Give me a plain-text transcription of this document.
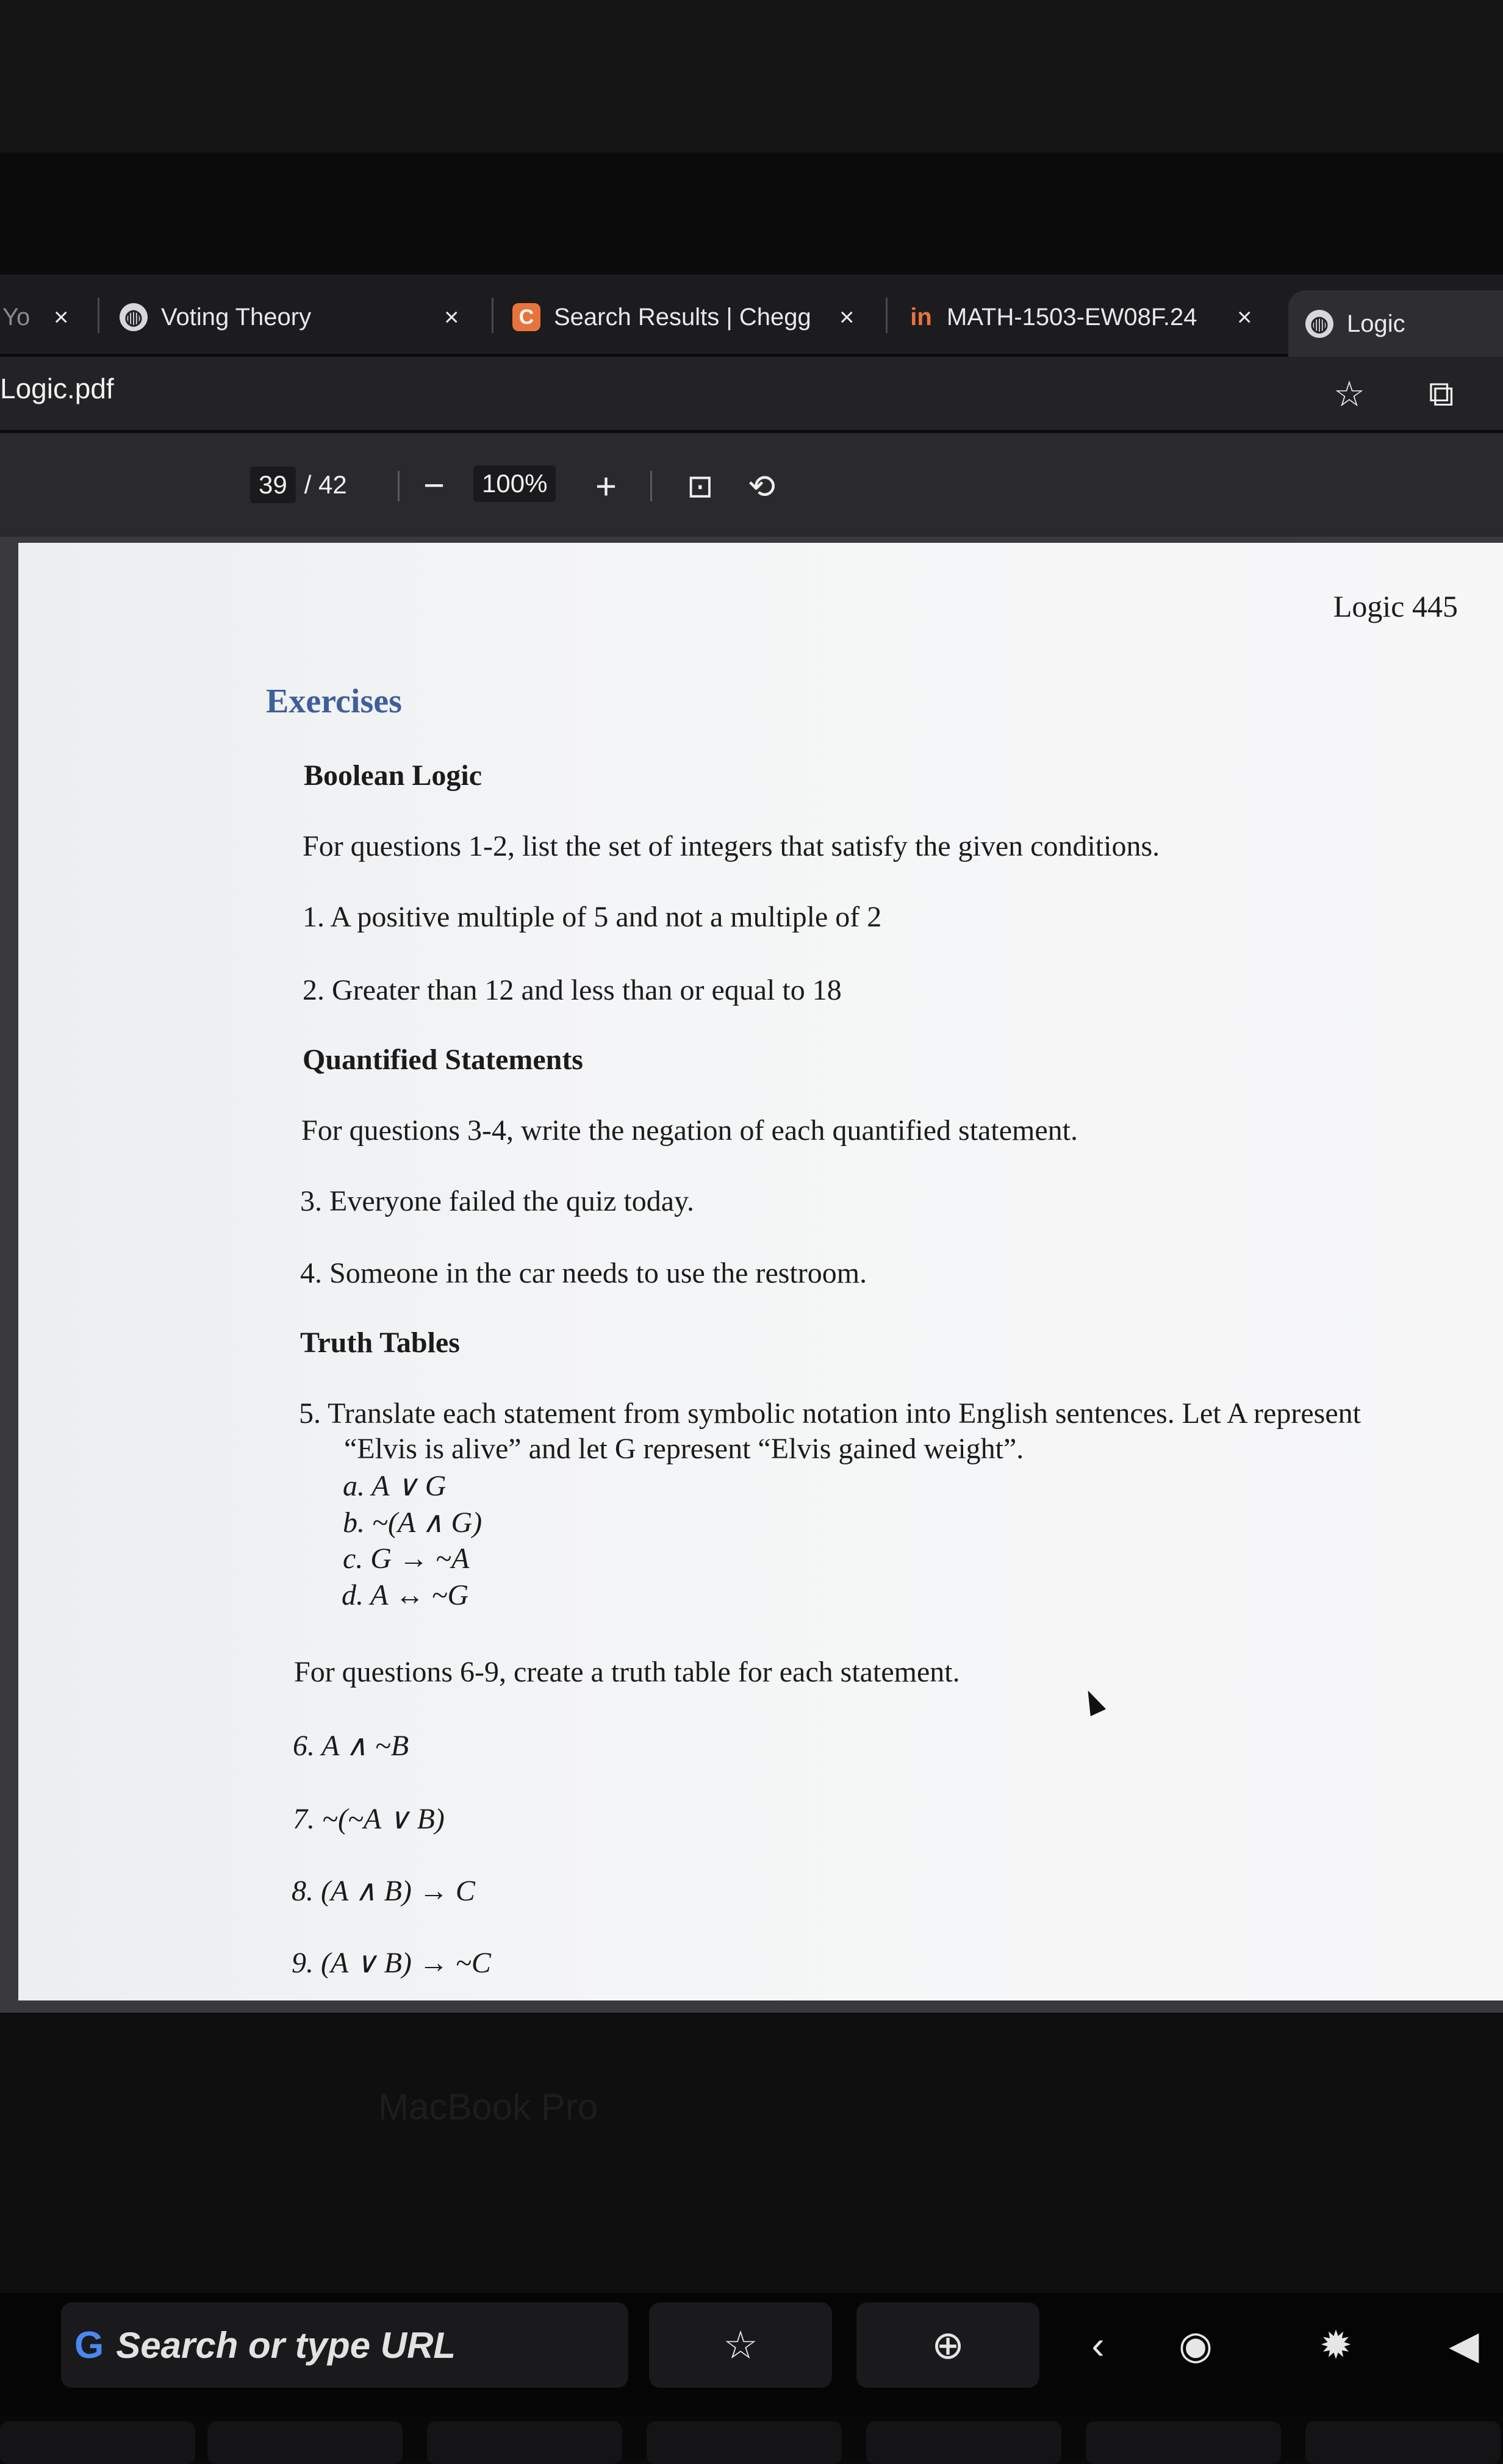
Yo ×	◍ Voting Theory	×	C Search Results | Chegg × in MATH-1503-EW08F.24 ×	◍ Logic
Logic.pdf	☆ ⧉
39 / 42 −	100% + ⊡ ⟲
Logic 445
Exercises
Boolean Logic
For questions 1-2, list the set of integers that satisfy the given conditions.
1. A positive multiple of 5 and not a multiple of 2
2. Greater than 12 and less than or equal to 18
Quantified Statements
For questions 3-4, write the negation of each quantified statement.
3. Everyone failed the quiz today.
4. Someone in the car needs to use the restroom.
Truth Tables
5. Translate each statement from symbolic notation into English sentences. Let A represent
“Elvis is alive” and let G represent “Elvis gained weight”.
a. A ∨ G
b. ~(A ∧ G)
c. G → ~A
d. A ↔ ~G
For questions 6-9, create a truth table for each statement.
6. A ∧ ~B
7. ~(~A ∨ B)
8. (A ∧ B) → C
9. (A ∨ B) → ~C
MacBook Pro
G Search or type URL	☆	⊕	‹	◉	✹	◀
